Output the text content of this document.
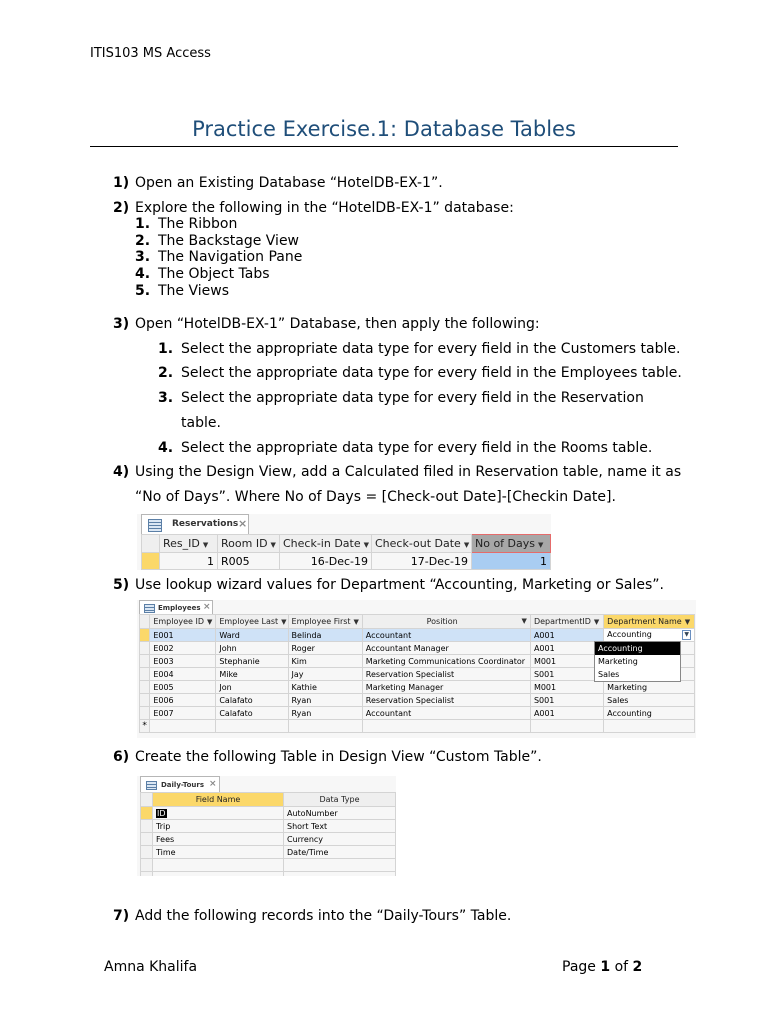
ITIS103 MS Access
Practice Exercise.1: Database Tables
1) Open an Existing Database “HotelDB-EX-1”.
2) Explore the following in the “HotelDB-EX-1” database:
1. The Ribbon
2. The Backstage View
3. The Navigation Pane
4. The Object Tabs
5. The Views
3) Open “HotelDB-EX-1” Database, then apply the following:
1. Select the appropriate data type for every field in the Customers table.
2. Select the appropriate data type for every field in the Employees table.
3. Select the appropriate data type for every field in the Reservation
table.
4. Select the appropriate data type for every field in the Rooms table.
4) Using the Design View, add a Calculated filed in Reservation table, name it as
“No of Days”. Where No of Days = [Check-out Date]-[Checkin Date].
Reservations ×
	Res_ID ▼	Room ID ▼	Check-in Date ▼	Check-out Date ▼	No of Days ▼
	1	R005	16-Dec-19	17-Dec-19	1
5) Use lookup wizard values for Department “Accounting, Marketing or Sales”.
Employees ×
	Employee ID ▼	Employee Last ▼	Employee First ▼	Position ▼	DepartmentID ▼	Department Name ▼
	E001	Ward	Belinda	Accountant	A001	Accounting ▼

	E002	John	Roger	Accountant Manager	A001	
	E003	Stephanie	Kim	Marketing Communications Coordinator	M001	
	E004	Mike	Jay	Reservation Specialist	S001	
	E005	Jon	Kathie	Marketing Manager	M001	Marketing
	E006	Calafato	Ryan	Reservation Specialist	S001	Sales
	E007	Calafato	Ryan	Accountant	A001	Accounting
*						
Accounting
Marketing
Sales
6) Create the following Table in Design View “Custom Table”.
Daily-Tours ×
	Field Name	Data Type
	ID	AutoNumber
	Trip	Short Text
	Fees	Currency
	Time	Date/Time

7) Add the following records into the “Daily-Tours” Table.
Amna Khalifa	Page 1 of 2
